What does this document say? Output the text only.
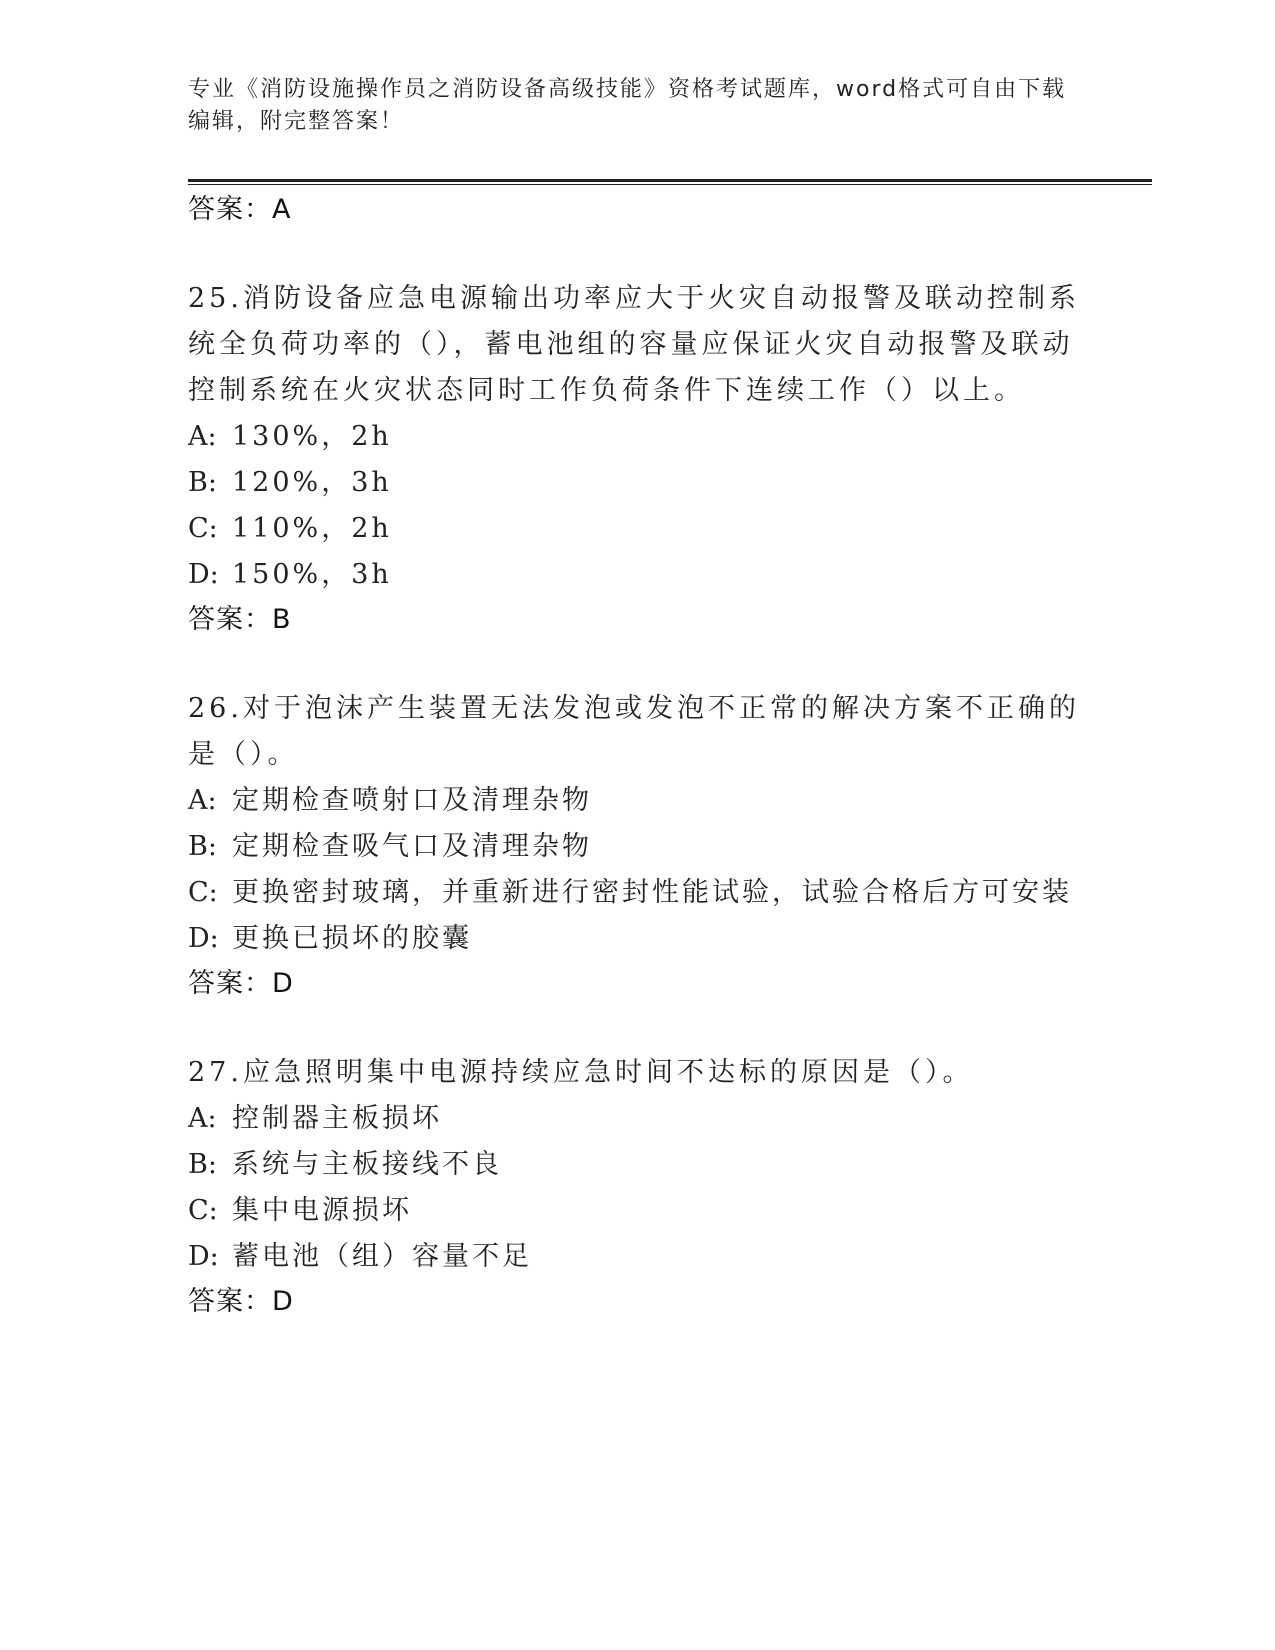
专业《消防设施操作员之消防设备高级技能》资格考试题库，word格式可自由下载编辑，附完整答案！
答案：A
25.消防设备应急电源输出功率应大于火灾自动报警及联动控制系统全负荷功率的（），蓄电池组的容量应保证火灾自动报警及联动控制系统在火灾状态同时工作负荷条件下连续工作（）以上。
A: 130%，2h
B: 120%，3h
C: 110%，2h
D: 150%，3h
答案：B
26.对于泡沫产生装置无法发泡或发泡不正常的解决方案不正确的是（）。
A: 定期检查喷射口及清理杂物
B: 定期检查吸气口及清理杂物
C: 更换密封玻璃，并重新进行密封性能试验，试验合格后方可安装
D: 更换已损坏的胶囊
答案：D
27.应急照明集中电源持续应急时间不达标的原因是（）。
A: 控制器主板损坏
B: 系统与主板接线不良
C: 集中电源损坏
D: 蓄电池（组）容量不足
答案：D
